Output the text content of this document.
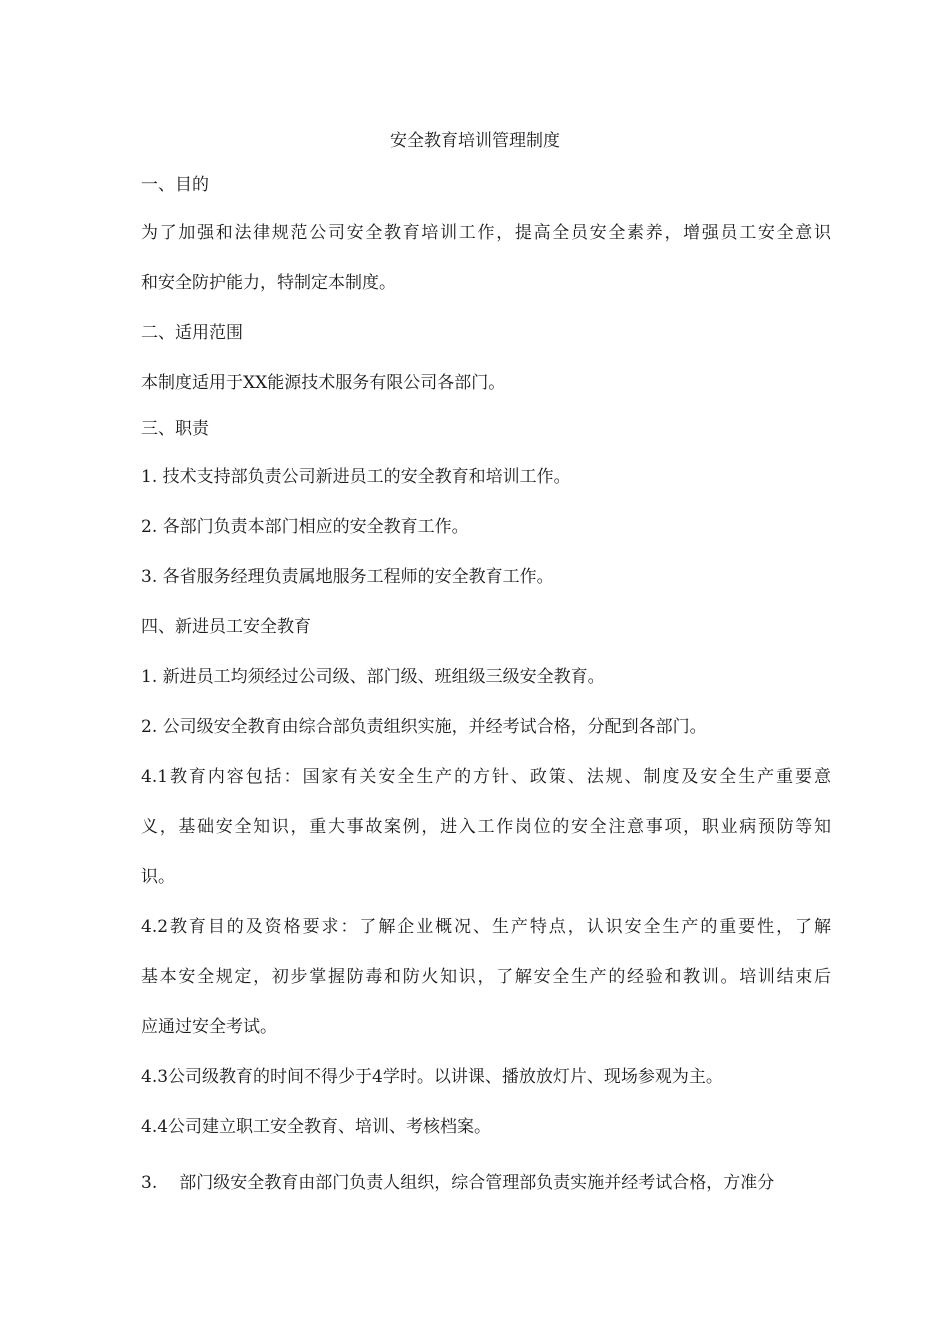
安全教育培训管理制度

一、目的

为了加强和法律规范公司安全教育培训工作，提高全员安全素养，增强员工安全意识

和安全防护能力，特制定本制度。

二、适用范围

本制度适用于XX能源技术服务有限公司各部门。

三、职责

1. 技术支持部负责公司新进员工的安全教育和培训工作。

2. 各部门负责本部门相应的安全教育工作。

3. 各省服务经理负责属地服务工程师的安全教育工作。

四、新进员工安全教育

1. 新进员工均须经过公司级、部门级、班组级三级安全教育。

2. 公司级安全教育由综合部负责组织实施，并经考试合格，分配到各部门。

4.1教育内容包括：国家有关安全生产的方针、政策、法规、制度及安全生产重要意

义，基础安全知识，重大事故案例，进入工作岗位的安全注意事项，职业病预防等知

识。

4.2教育目的及资格要求：了解企业概况、生产特点，认识安全生产的重要性，了解

基本安全规定，初步掌握防毒和防火知识，了解安全生产的经验和教训。培训结束后

应通过安全考试。

4.3公司级教育的时间不得少于4学时。以讲课、播放放灯片、现场参观为主。

4.4公司建立职工安全教育、培训、考核档案。

3. 部门级安全教育由部门负责人组织，综合管理部负责实施并经考试合格，方准分
